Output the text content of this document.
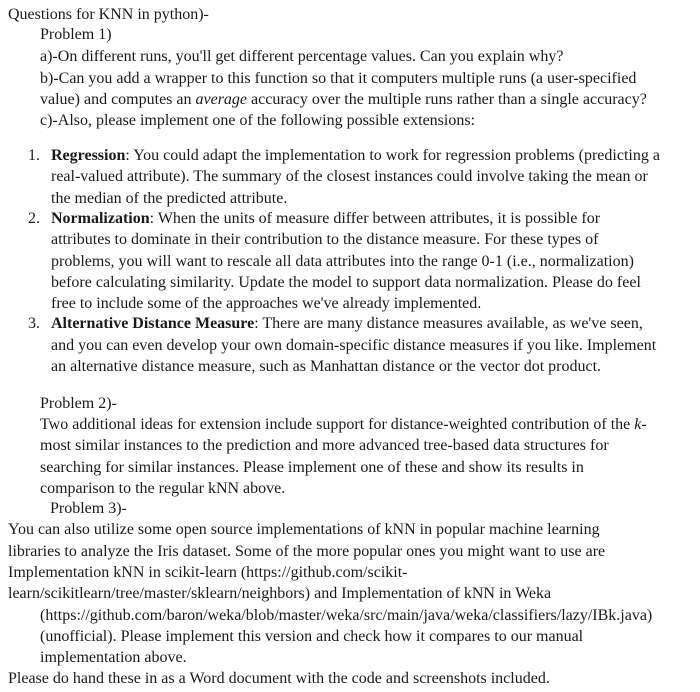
Questions for KNN in python)-
Problem 1)
a)-On different runs, you'll get different percentage values. Can you explain why?
b)-Can you add a wrapper to this function so that it computers multiple runs (a user-specified
value) and computes an average accuracy over the multiple runs rather than a single accuracy?
c)-Also, please implement one of the following possible extensions:
1. Regression: You could adapt the implementation to work for regression problems (predicting a
real-valued attribute). The summary of the closest instances could involve taking the mean or
the median of the predicted attribute.
2. Normalization: When the units of measure differ between attributes, it is possible for
attributes to dominate in their contribution to the distance measure. For these types of
problems, you will want to rescale all data attributes into the range 0-1 (i.e., normalization)
before calculating similarity. Update the model to support data normalization. Please do feel
free to include some of the approaches we've already implemented.
3. Alternative Distance Measure: There are many distance measures available, as we've seen,
and you can even develop your own domain-specific distance measures if you like. Implement
an alternative distance measure, such as Manhattan distance or the vector dot product.
Problem 2)-
Two additional ideas for extension include support for distance-weighted contribution of the k-
most similar instances to the prediction and more advanced tree-based data structures for
searching for similar instances. Please implement one of these and show its results in
comparison to the regular kNN above.
Problem 3)-
You can also utilize some open source implementations of kNN in popular machine learning
libraries to analyze the Iris dataset. Some of the more popular ones you might want to use are
Implementation kNN in scikit-learn (https://github.com/scikit-
learn/scikitlearn/tree/master/sklearn/neighbors) and Implementation of kNN in Weka
(https://github.com/baron/weka/blob/master/weka/src/main/java/weka/classifiers/lazy/IBk.java)
(unofficial). Please implement this version and check how it compares to our manual
implementation above.
Please do hand these in as a Word document with the code and screenshots included.
